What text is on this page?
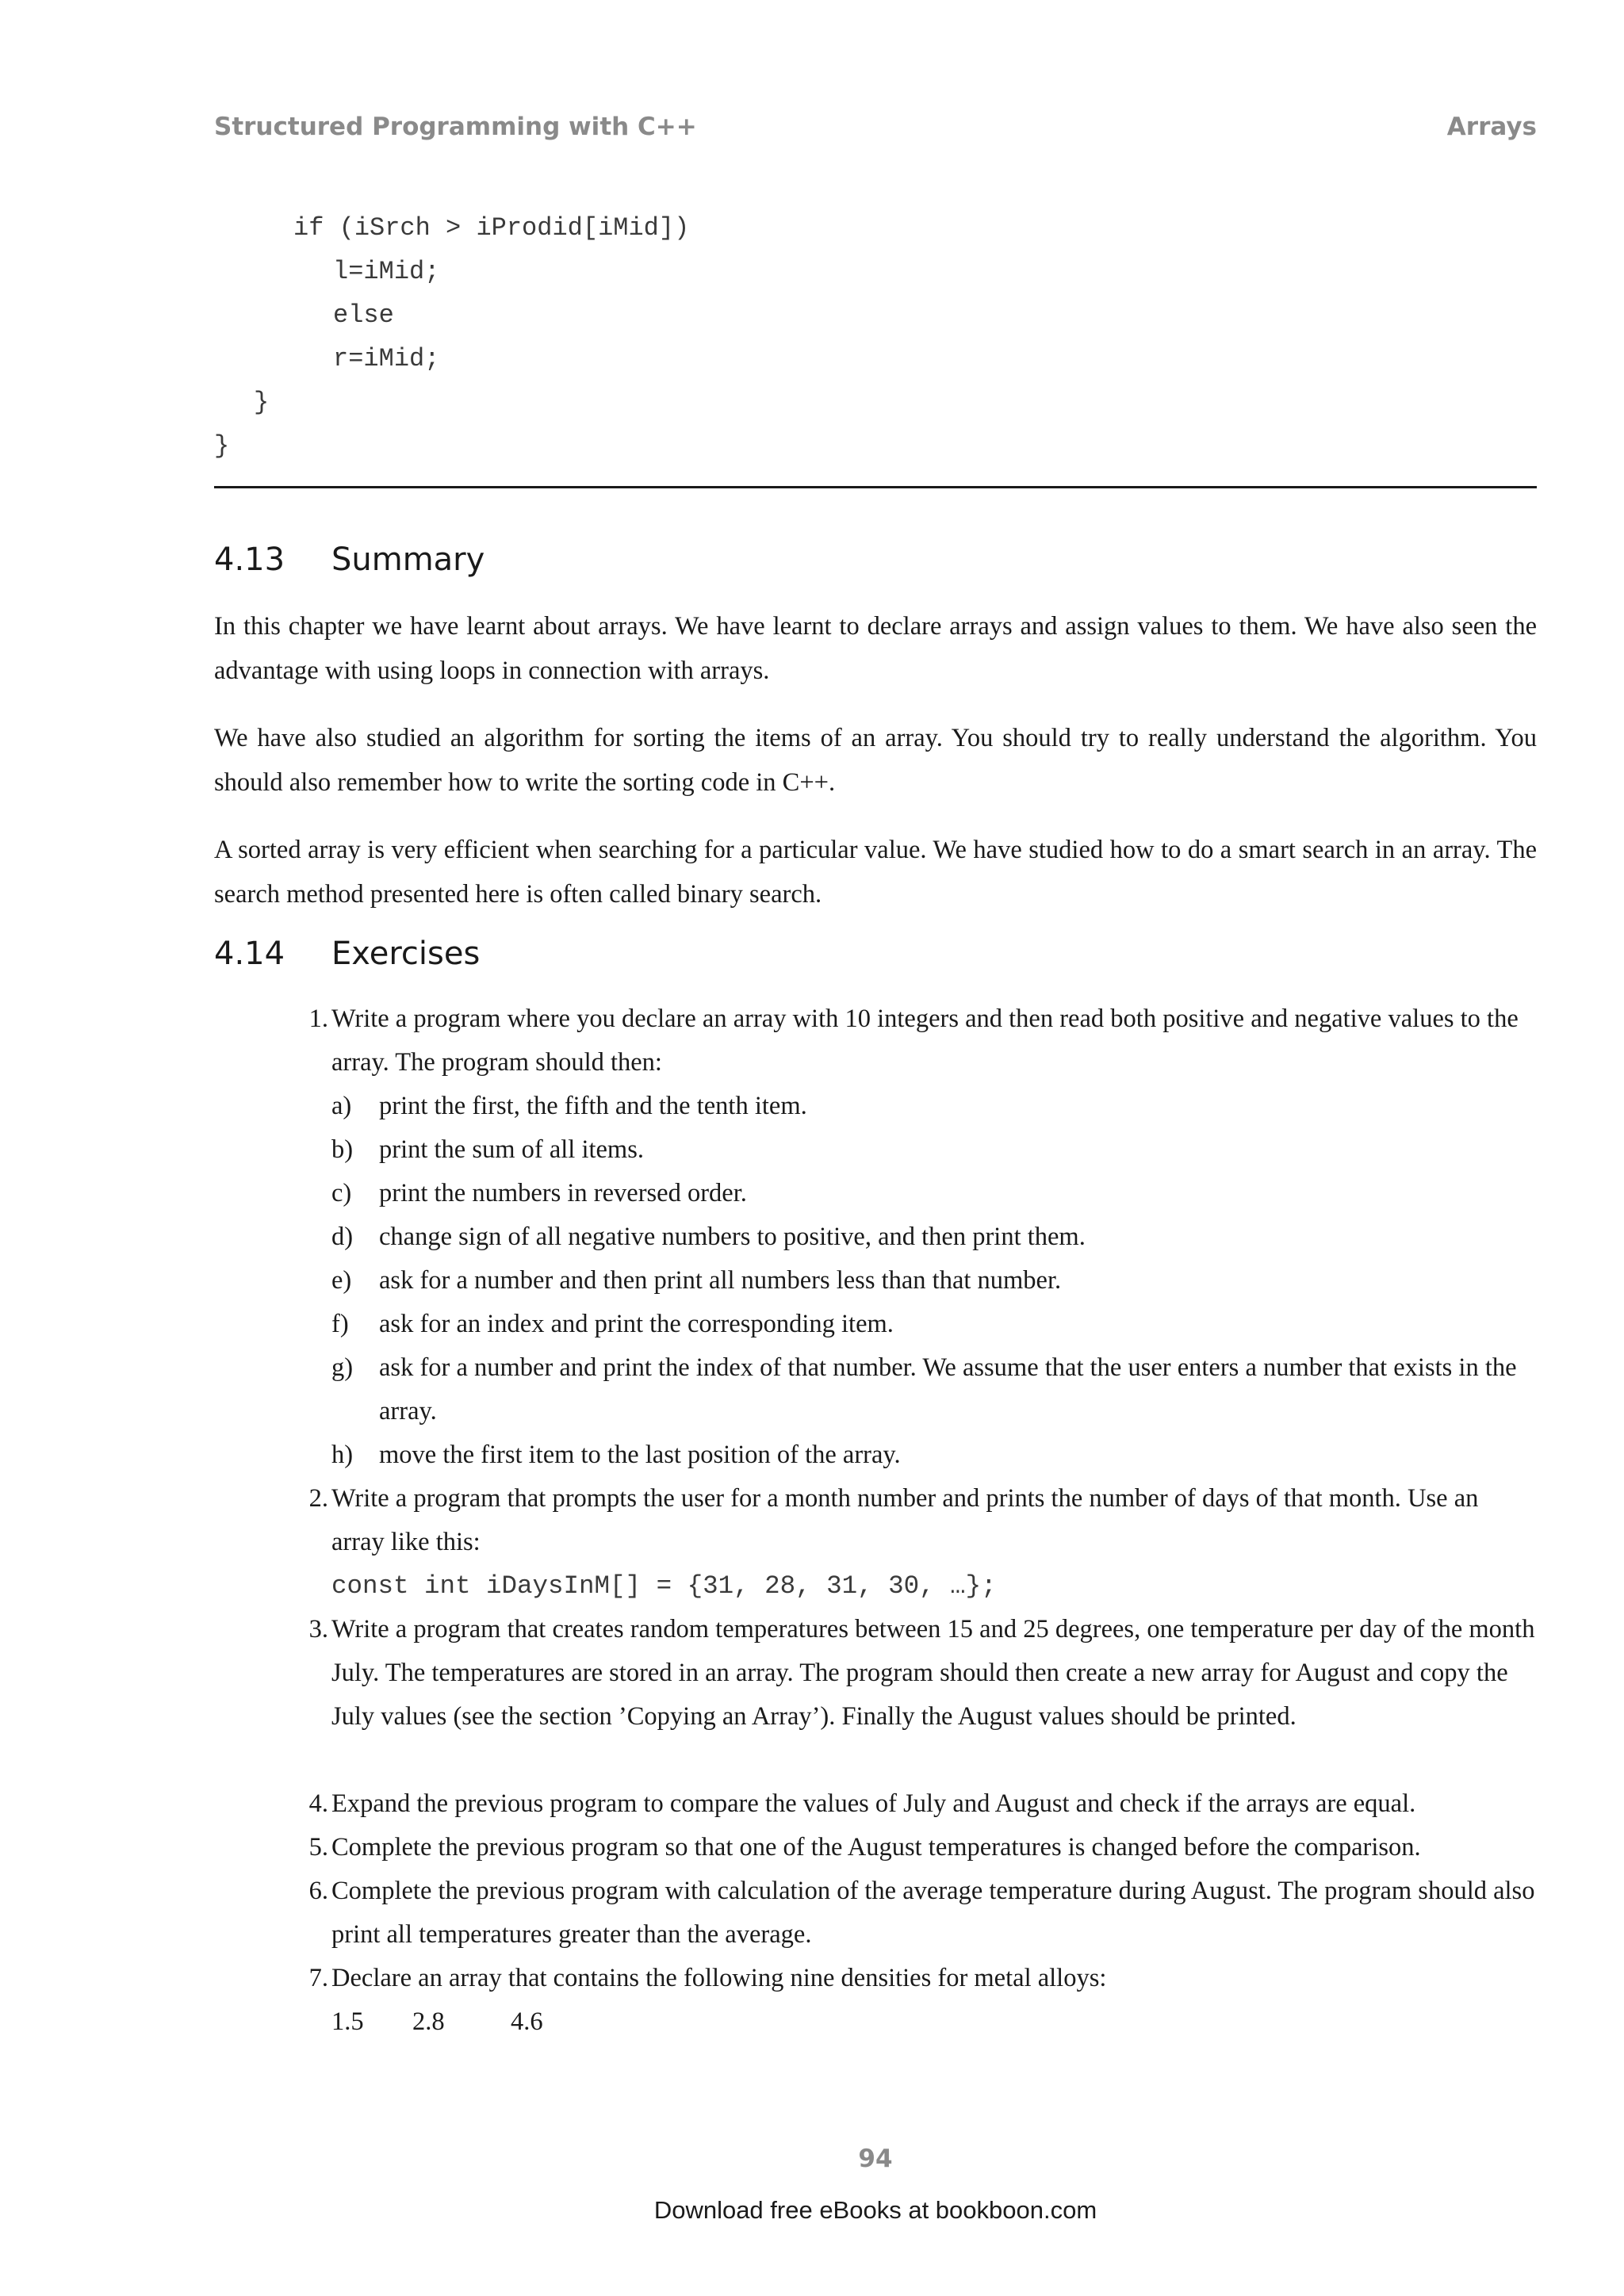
Structured Programming with C++	Arrays
if (iSrch > iProdid[iMid])
l=iMid;
else
r=iMid;
}
}
4.13 Summary

In this chapter we have learnt about arrays. We have learnt to declare arrays and assign values to them. We have also seen the advantage with using loops in connection with arrays.

We have also studied an algorithm for sorting the items of an array. You should try to really understand the algorithm. You should also remember how to write the sorting code in C++.

A sorted array is very efficient when searching for a particular value. We have studied how to do a smart search in an array. The search method presented here is often called binary search.

4.14 Exercises
1. Write a program where you declare an array with 10 integers and then read both positive and negative values to the array. The program should then:
a) print the first, the fifth and the tenth item.
b) print the sum of all items.
c) print the numbers in reversed order.
d) change sign of all negative numbers to positive, and then print them.
e) ask for a number and then print all numbers less than that number.
f) ask for an index and print the corresponding item.
g) ask for a number and print the index of that number. We assume that the user enters a number that exists in the array.
h) move the first item to the last position of the array.
2. Write a program that prompts the user for a month number and prints the number of days of that month. Use an array like this:
const int iDaysInM[] = {31, 28, 31, 30, …};
3. Write a program that creates random temperatures between 15 and 25 degrees, one temperature per day of the month July. The temperatures are stored in an array. The program should then create a new array for August and copy the July values (see the section ’Copying an Array’). Finally the August values should be printed.
4. Expand the previous program to compare the values of July and August and check if the arrays are equal.
5. Complete the previous program so that one of the August temperatures is changed before the comparison.
6. Complete the previous program with calculation of the average temperature during August. The program should also print all temperatures greater than the average.
7. Declare an array that contains the following nine densities for metal alloys:
1.5 2.8	4.6
94
Download free eBooks at bookboon.com
